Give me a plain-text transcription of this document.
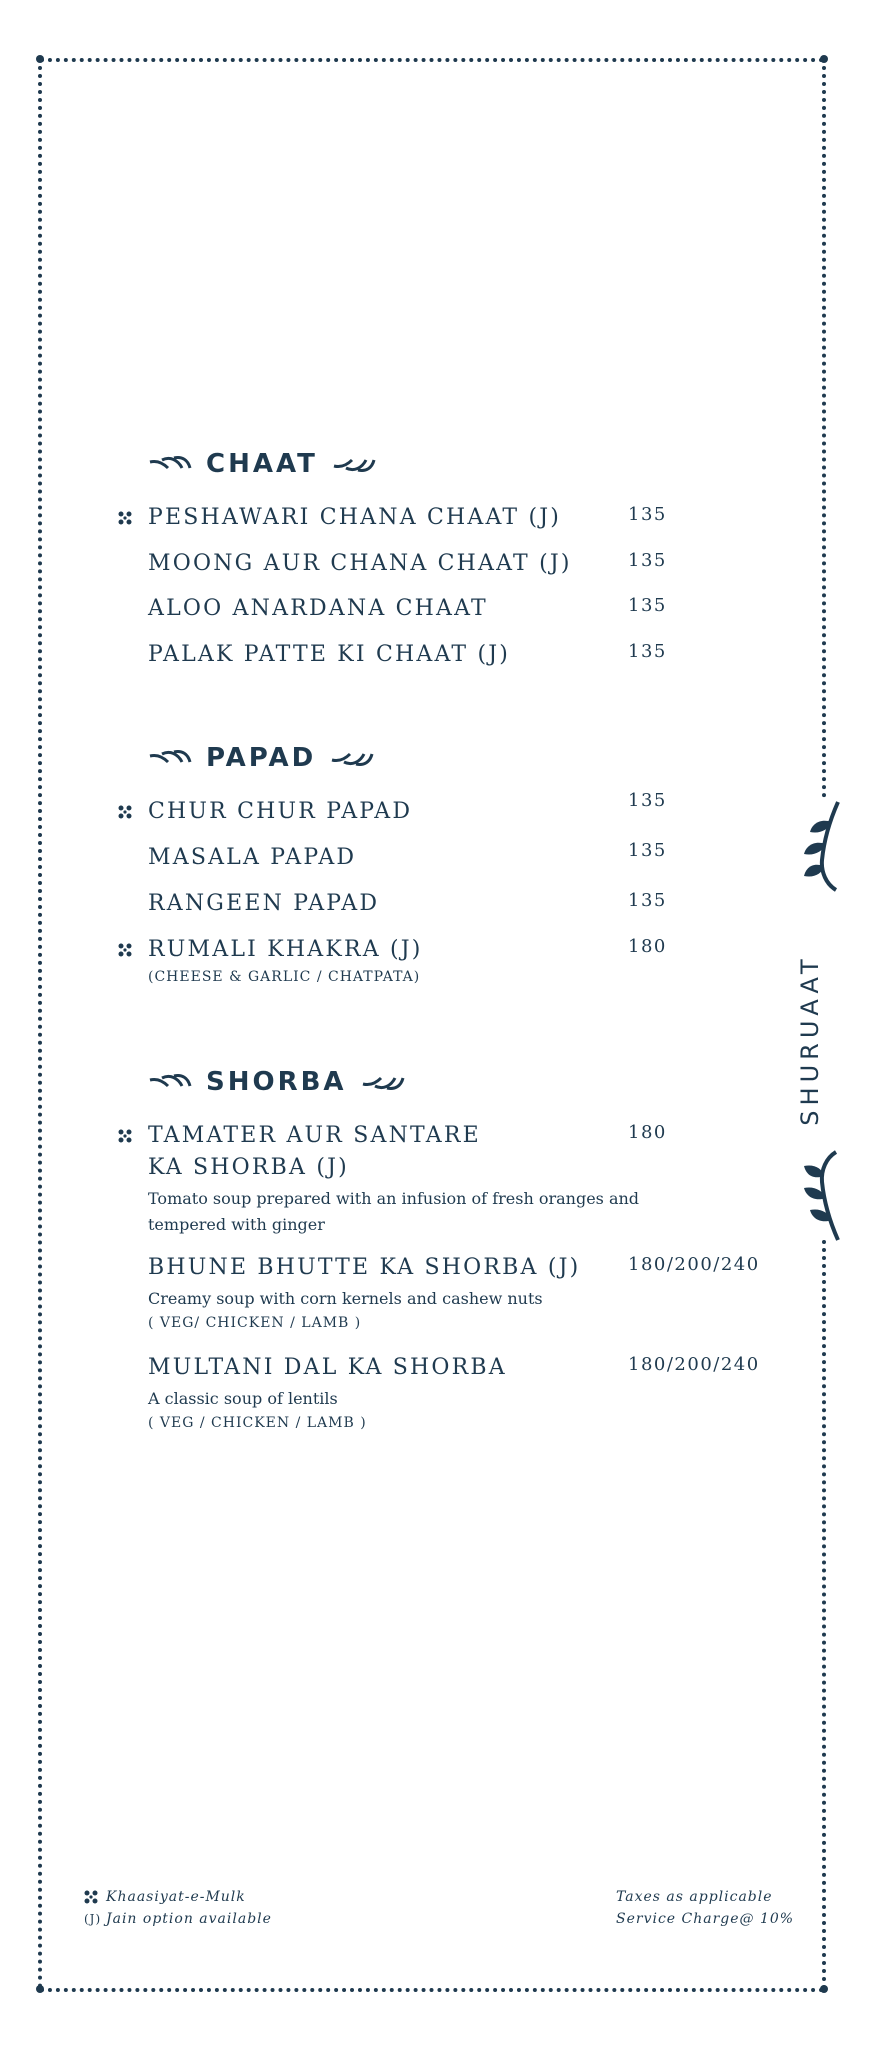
SHURUAAT
CHAAT
PESHAWARI CHANA CHAAT (J)	135
MOONG AUR CHANA CHAAT (J)	135
ALOO ANARDANA CHAAT	135
PALAK PATTE KI CHAAT (J)	135
PAPAD
CHUR CHUR PAPAD	135
MASALA PAPAD	135
RANGEEN PAPAD	135
RUMALI KHAKRA (J)	180
(CHEESE & GARLIC / CHATPATA)
SHORBA
TAMATER AUR SANTARE
KA SHORBA (J)
180
Tomato soup prepared with an infusion of fresh oranges and tempered with ginger
BHUNE BHUTTE KA SHORBA (J)	180/200/240
Creamy soup with corn kernels and cashew nuts
( VEG/ CHICKEN / LAMB )
MULTANI DAL KA SHORBA	180/200/240
A classic soup of lentils
( VEG / CHICKEN / LAMB )
Khaasiyat-e-Mulk
(J) Jain option available
Taxes as applicable
Service Charge@ 10%
